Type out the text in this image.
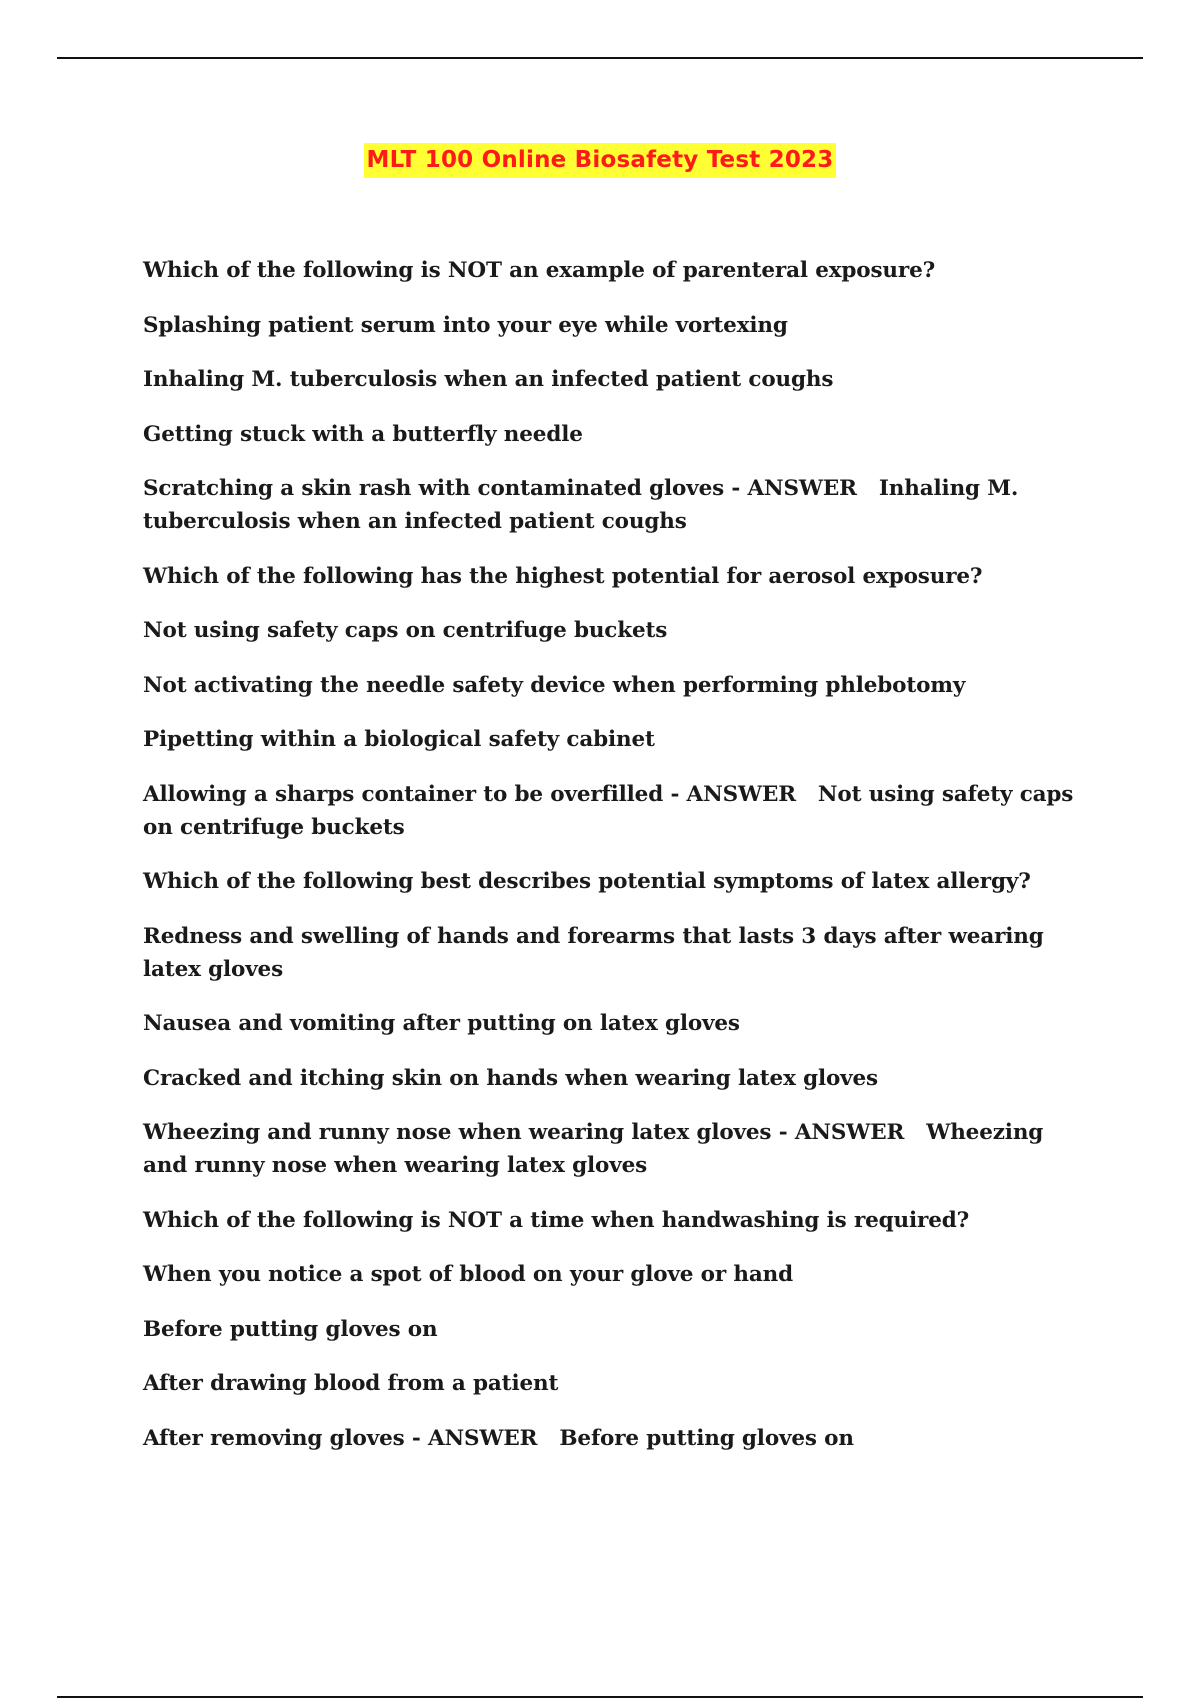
MLT 100 Online Biosafety Test 2023
Which of the following is NOT an example of parenteral exposure?
Splashing patient serum into your eye while vortexing
Inhaling M. tuberculosis when an infected patient coughs
Getting stuck with a butterfly needle
Scratching a skin rash with contaminated gloves - ANSWER Inhaling M. tuberculosis when an infected patient coughs
Which of the following has the highest potential for aerosol exposure?
Not using safety caps on centrifuge buckets
Not activating the needle safety device when performing phlebotomy
Pipetting within a biological safety cabinet
Allowing a sharps container to be overfilled - ANSWER Not using safety caps on centrifuge buckets
Which of the following best describes potential symptoms of latex allergy?
Redness and swelling of hands and forearms that lasts 3 days after wearing latex gloves
Nausea and vomiting after putting on latex gloves
Cracked and itching skin on hands when wearing latex gloves
Wheezing and runny nose when wearing latex gloves - ANSWER Wheezing and runny nose when wearing latex gloves
Which of the following is NOT a time when handwashing is required?
When you notice a spot of blood on your glove or hand
Before putting gloves on
After drawing blood from a patient
After removing gloves - ANSWER Before putting gloves on
